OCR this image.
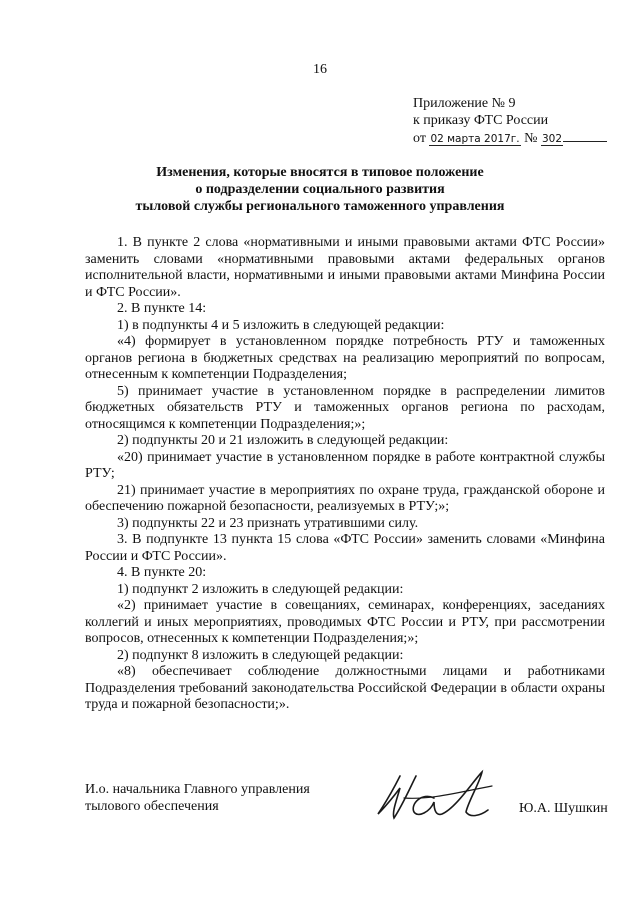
16
Приложение № 9
к приказу ФТС России
от 02 марта 2017г. № 302
Изменения, которые вносятся в типовое положение
о подразделении социального развития
тыловой службы регионального таможенного управления

1. В пункте 2 слова «нормативными и иными правовыми актами ФТС России» заменить словами «нормативными правовыми актами федеральных органов исполнительной власти, нормативными и иными правовыми актами Минфина России и ФТС России».

2. В пункте 14:

1) в подпункты 4 и 5 изложить в следующей редакции:

«4) формирует в установленном порядке потребность РТУ и таможенных органов региона в бюджетных средствах на реализацию мероприятий по вопросам, отнесенным к компетенции Подразделения;

5) принимает участие в установленном порядке в распределении лимитов бюджетных обязательств РТУ и таможенных органов региона по расходам, относящимся к компетенции Подразделения;»;

2) подпункты 20 и 21 изложить в следующей редакции:

«20) принимает участие в установленном порядке в работе контрактной службы РТУ;

21) принимает участие в мероприятиях по охране труда, гражданской обороне и обеспечению пожарной безопасности, реализуемых в РТУ;»;

3) подпункты 22 и 23 признать утратившими силу.

3. В подпункте 13 пункта 15 слова «ФТС России» заменить словами «Минфина России и ФТС России».

4. В пункте 20:

1) подпункт 2 изложить в следующей редакции:

«2) принимает участие в совещаниях, семинарах, конференциях, заседаниях коллегий и иных мероприятиях, проводимых ФТС России и РТУ, при рассмотрении вопросов, отнесенных к компетенции Подразделения;»;

2) подпункт 8 изложить в следующей редакции:

«8) обеспечивает соблюдение должностными лицами и работниками Подразделения требований законодательства Российской Федерации в области охраны труда и пожарной безопасности;».

И.о. начальника Главного управления
тылового обеспечения	Ю.А. Шушкин
